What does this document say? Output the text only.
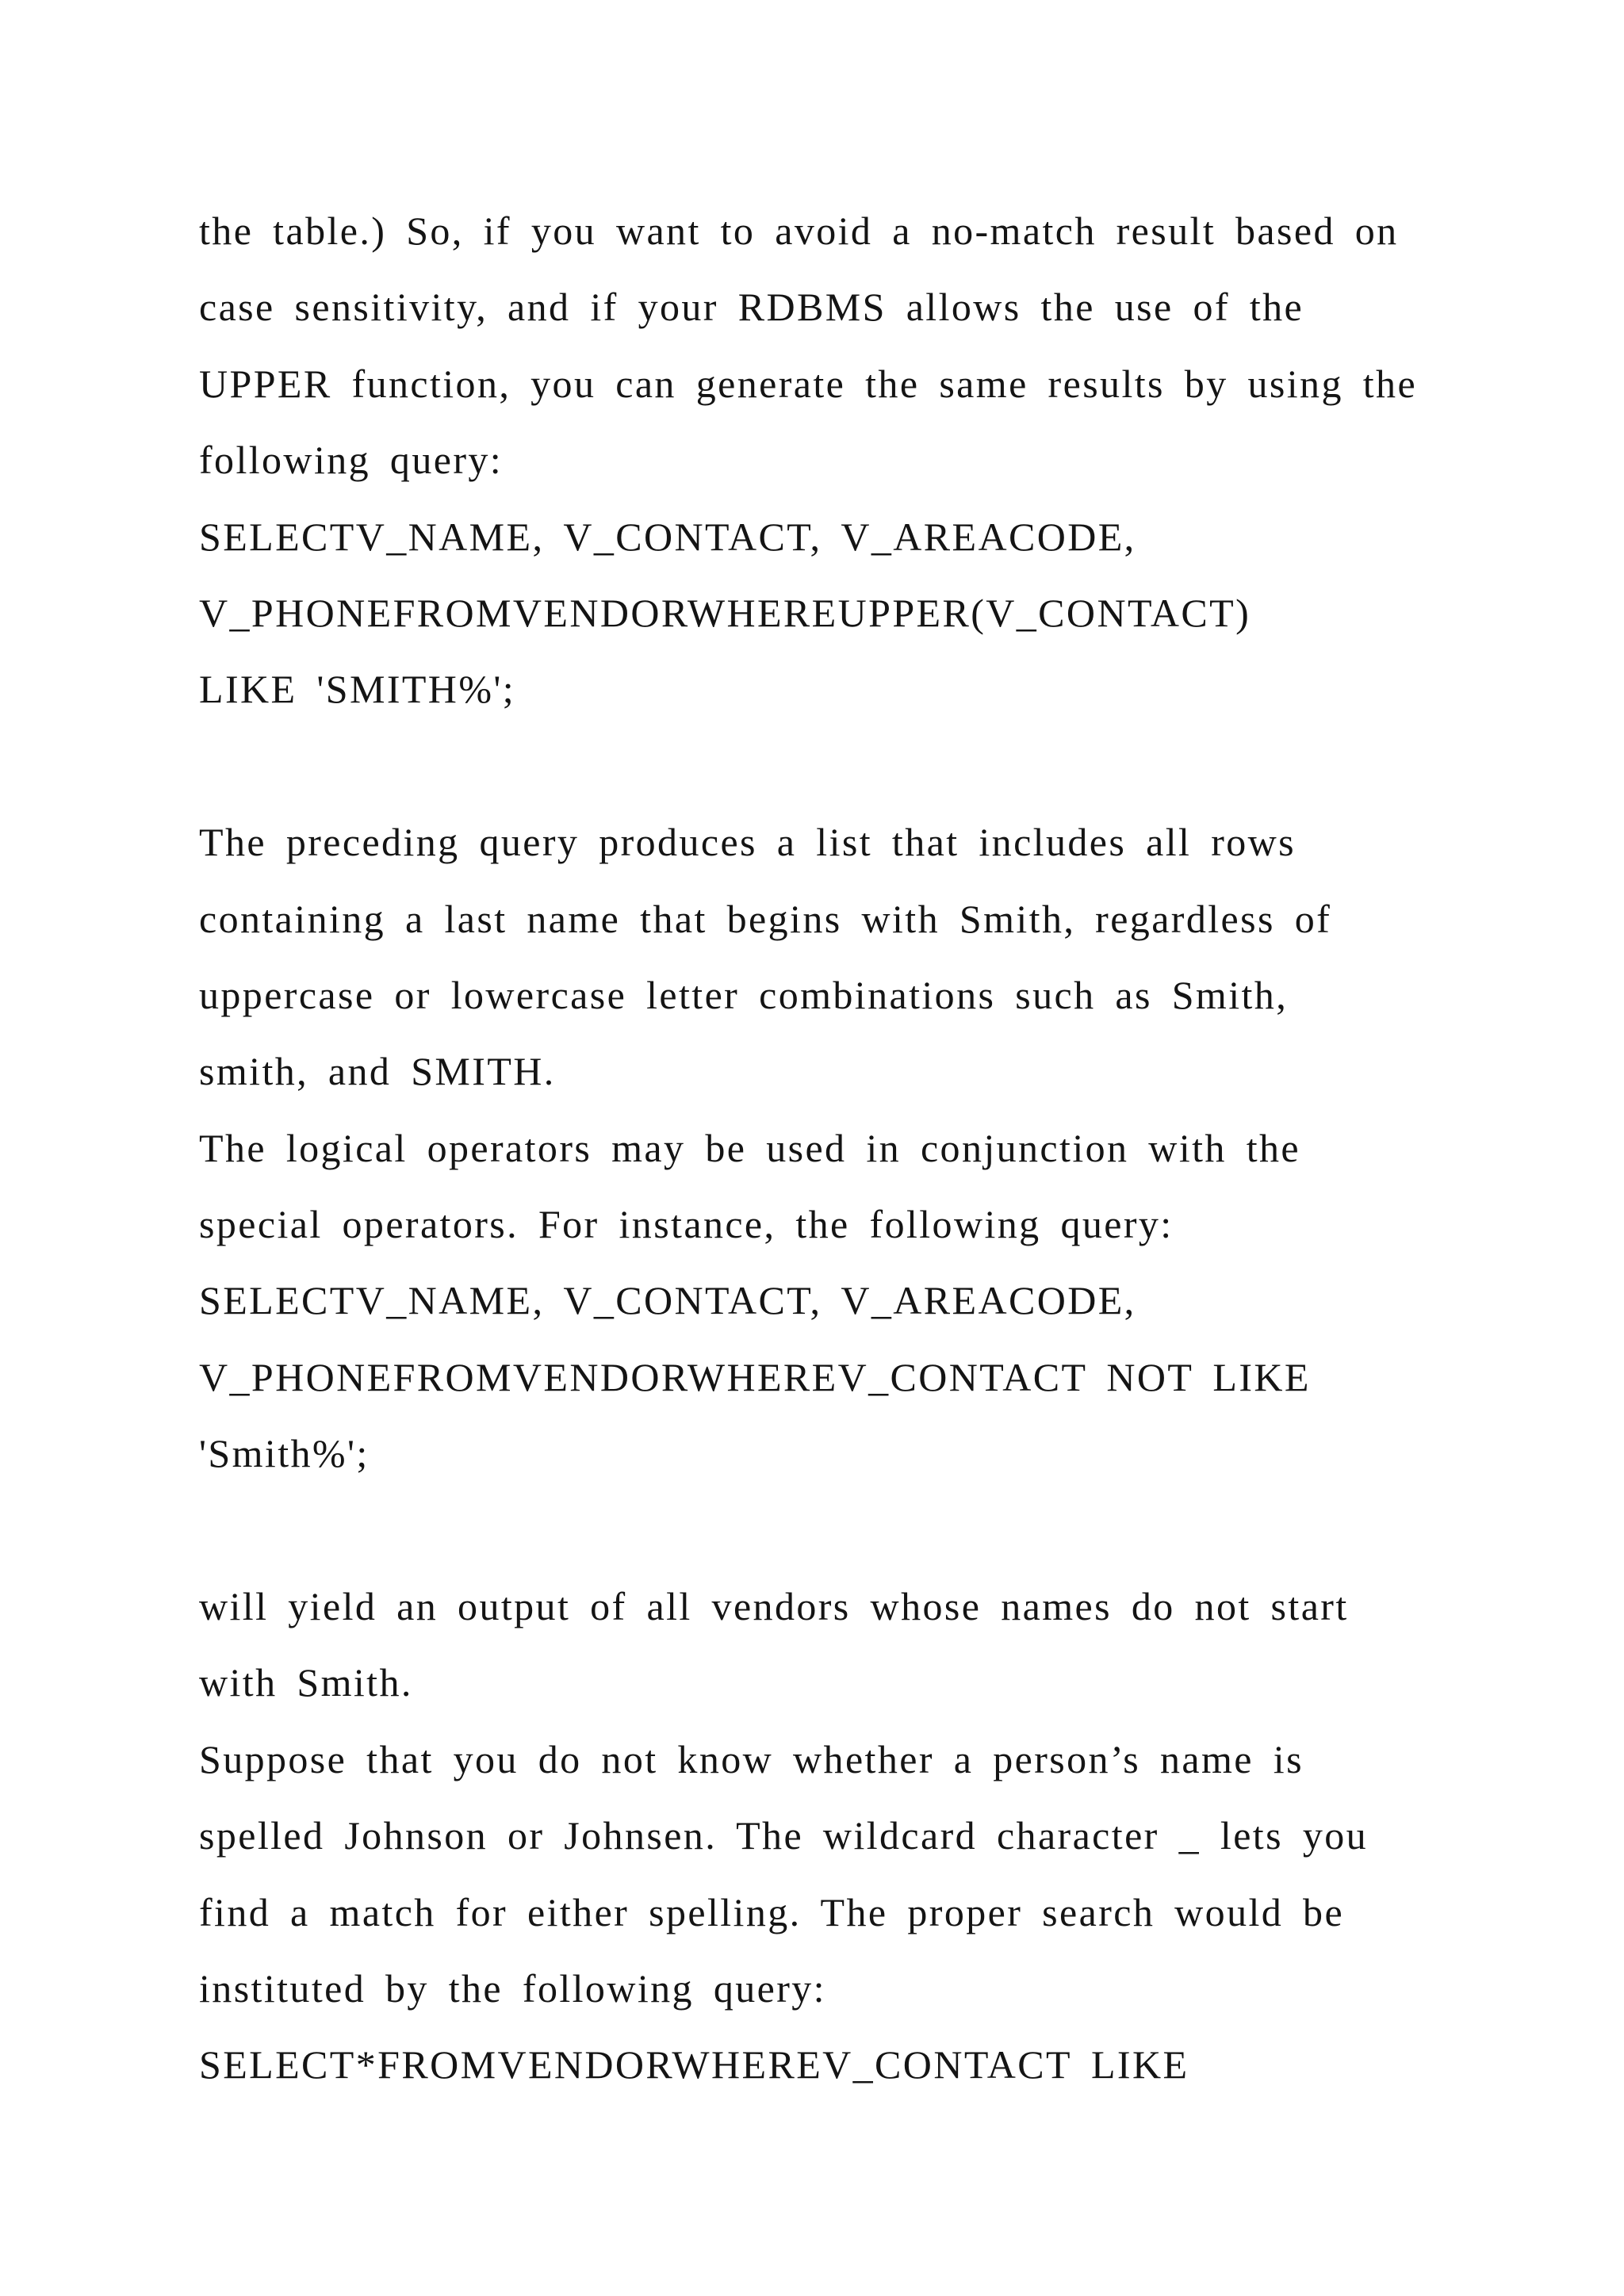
the table.) So, if you want to avoid a no-match result based on
case sensitivity, and if your RDBMS allows the use of the
UPPER function, you can generate the same results by using the
following query:
SELECTV_NAME, V_CONTACT, V_AREACODE,
V_PHONEFROMVENDORWHEREUPPER(V_CONTACT)
LIKE 'SMITH%';
The preceding query produces a list that includes all rows
containing a last name that begins with Smith, regardless of
uppercase or lowercase letter combinations such as Smith,
smith, and SMITH.
The logical operators may be used in conjunction with the
special operators. For instance, the following query:
SELECTV_NAME, V_CONTACT, V_AREACODE,
V_PHONEFROMVENDORWHEREV_CONTACT NOT LIKE
'Smith%';
will yield an output of all vendors whose names do not start
with Smith.
Suppose that you do not know whether a person’s name is
spelled Johnson or Johnsen. The wildcard character _ lets you
find a match for either spelling. The proper search would be
instituted by the following query:
SELECT*FROMVENDORWHEREV_CONTACT LIKE
